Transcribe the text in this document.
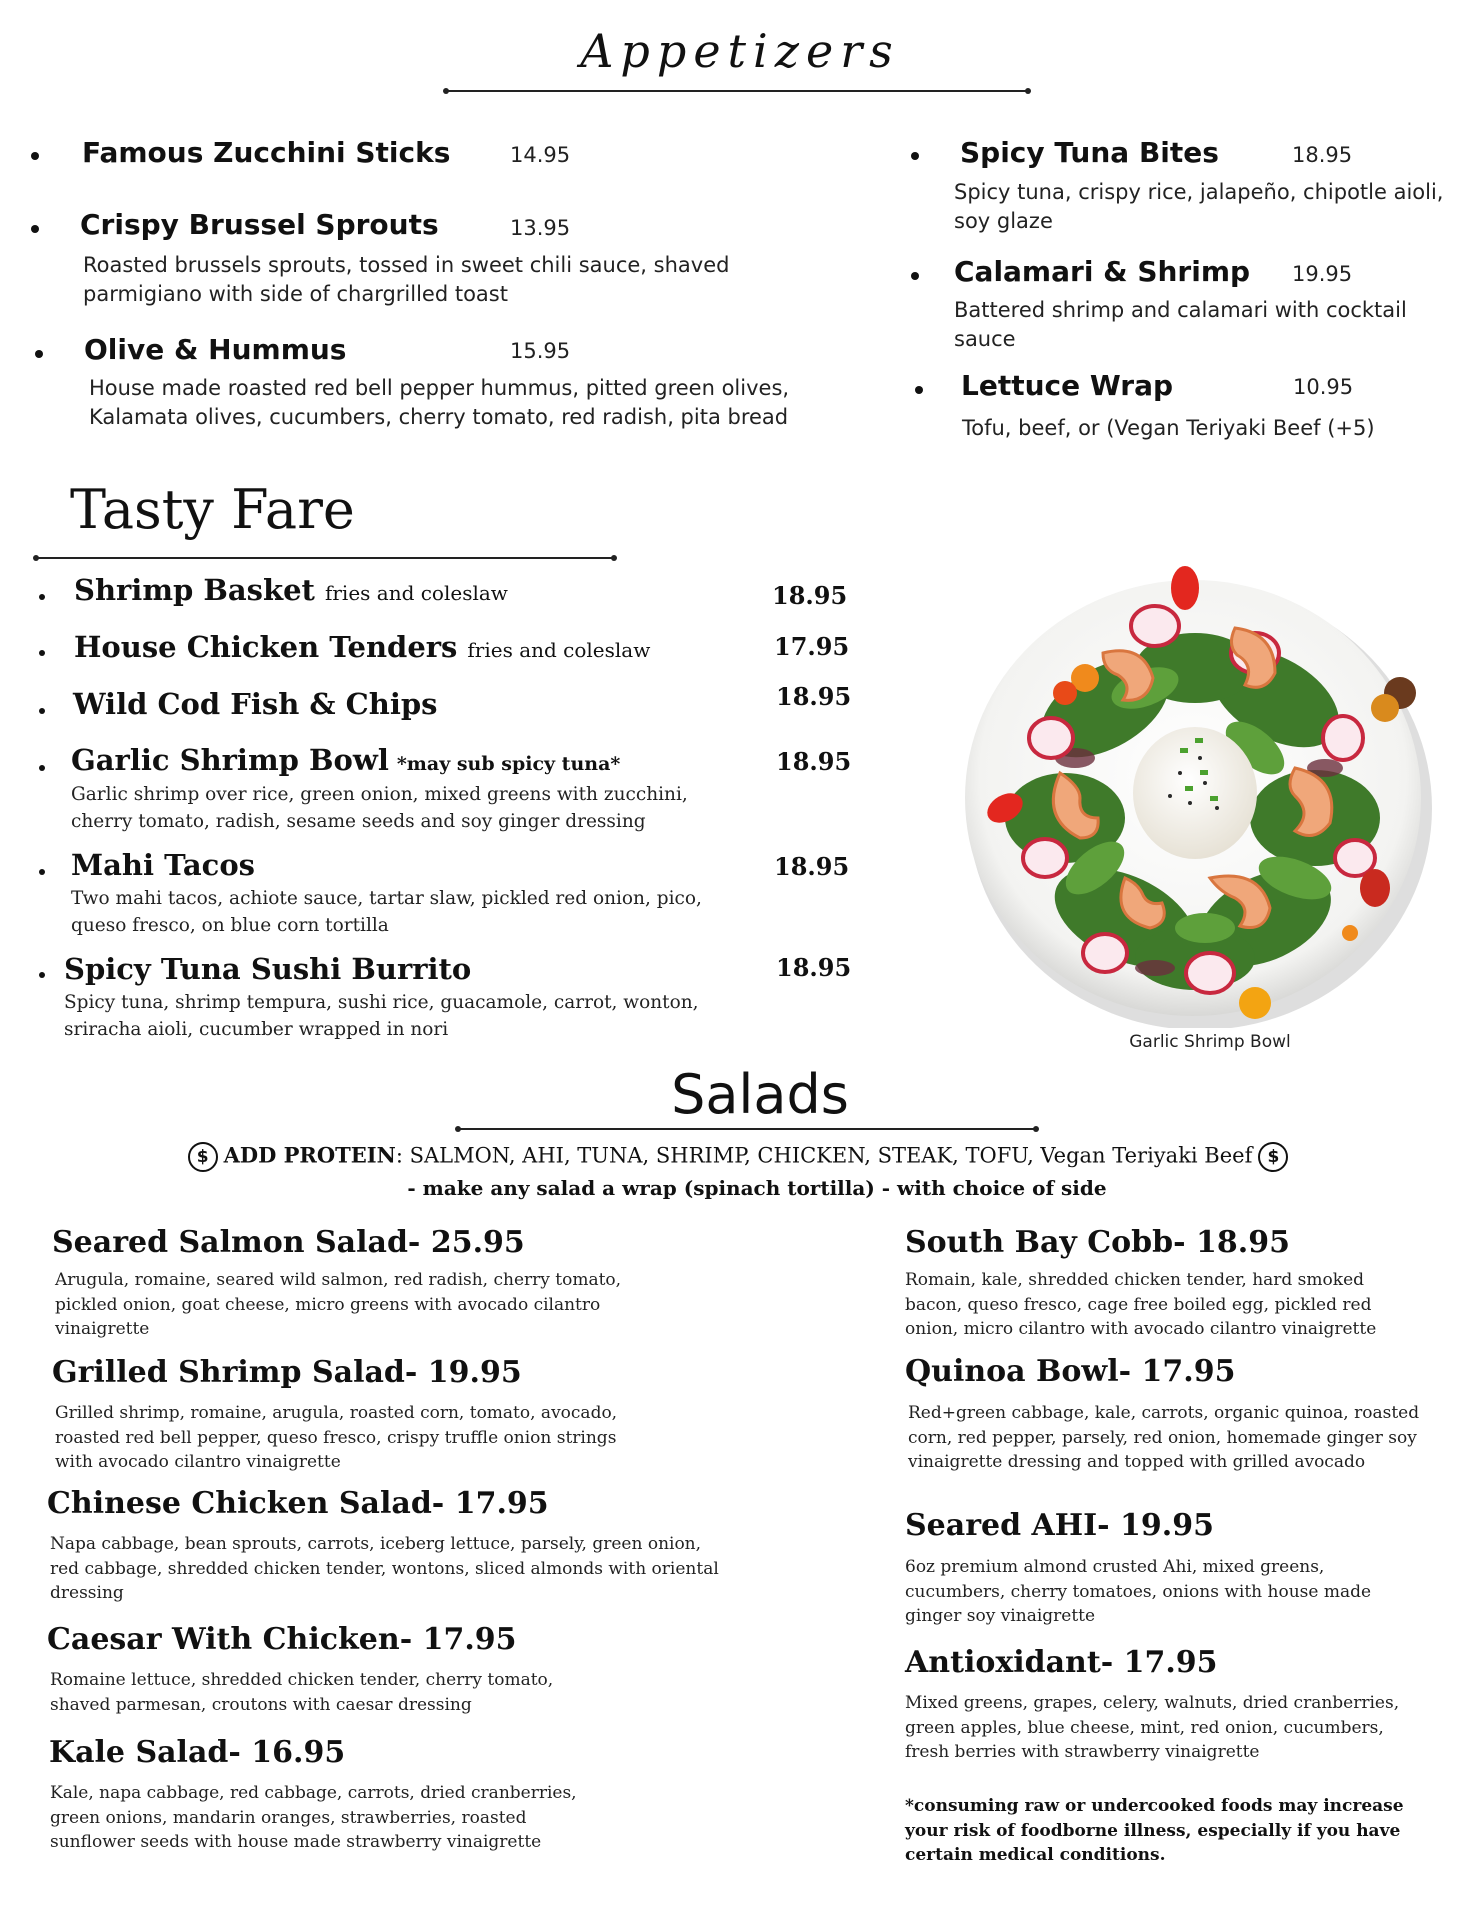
Appetizers
Famous Zucchini Sticks	14.95
Crispy Brussel Sprouts	13.95
Roasted brussels sprouts, tossed in sweet chili sauce, shaved parmigiano with side of chargrilled toast
Olive & Hummus	15.95
House made roasted red bell pepper hummus, pitted green olives, Kalamata olives, cucumbers, cherry tomato, red radish, pita bread
Spicy Tuna Bites	18.95
Spicy tuna, crispy rice, jalapeño, chipotle aioli, soy glaze
Calamari & Shrimp 19.95
Battered shrimp and calamari with cocktail sauce
Lettuce Wrap	10.95
Tofu, beef, or (Vegan Teriyaki Beef (+5)
Tasty Fare
Shrimp Basket fries and coleslaw	18.95
House Chicken Tenders fries and coleslaw	17.95
Wild Cod Fish & Chips	18.95
Garlic Shrimp Bowl *may sub spicy tuna*	18.95
Garlic shrimp over rice, green onion, mixed greens with zucchini, cherry tomato, radish, sesame seeds and soy ginger dressing
Mahi Tacos	18.95
Two mahi tacos, achiote sauce, tartar slaw, pickled red onion, pico, queso fresco, on blue corn tortilla
Spicy Tuna Sushi Burrito	18.95
Spicy tuna, shrimp tempura, sushi rice, guacamole, carrot, wonton, sriracha aioli, cucumber wrapped in nori
Garlic Shrimp Bowl
Salads
$ ADD PROTEIN: SALMON, AHI, TUNA, SHRIMP, CHICKEN, STEAK, TOFU, Vegan Teriyaki Beef $
- make any salad a wrap (spinach tortilla) - with choice of side
Seared Salmon Salad- 25.95
Arugula, romaine, seared wild salmon, red radish, cherry tomato, pickled onion, goat cheese, micro greens with avocado cilantro vinaigrette
Grilled Shrimp Salad- 19.95
Grilled shrimp, romaine, arugula, roasted corn, tomato, avocado, roasted red bell pepper, queso fresco, crispy truffle onion strings with avocado cilantro vinaigrette
Chinese Chicken Salad- 17.95
Napa cabbage, bean sprouts, carrots, iceberg lettuce, parsely, green onion, red cabbage, shredded chicken tender, wontons, sliced almonds with oriental dressing
Caesar With Chicken- 17.95
Romaine lettuce, shredded chicken tender, cherry tomato, shaved parmesan, croutons with caesar dressing
Kale Salad- 16.95
Kale, napa cabbage, red cabbage, carrots, dried cranberries, green onions, mandarin oranges, strawberries, roasted sunflower seeds with house made strawberry vinaigrette
South Bay Cobb- 18.95
Romain, kale, shredded chicken tender, hard smoked bacon, queso fresco, cage free boiled egg, pickled red onion, micro cilantro with avocado cilantro vinaigrette
Quinoa Bowl- 17.95
Red+green cabbage, kale, carrots, organic quinoa, roasted corn, red pepper, parsely, red onion, homemade ginger soy vinaigrette dressing and topped with grilled avocado
Seared AHI- 19.95
6oz premium almond crusted Ahi, mixed greens, cucumbers, cherry tomatoes, onions with house made ginger soy vinaigrette
Antioxidant- 17.95
Mixed greens, grapes, celery, walnuts, dried cranberries, green apples, blue cheese, mint, red onion, cucumbers, fresh berries with strawberry vinaigrette
*consuming raw or undercooked foods may increase your risk of foodborne illness, especially if you have certain medical conditions.
